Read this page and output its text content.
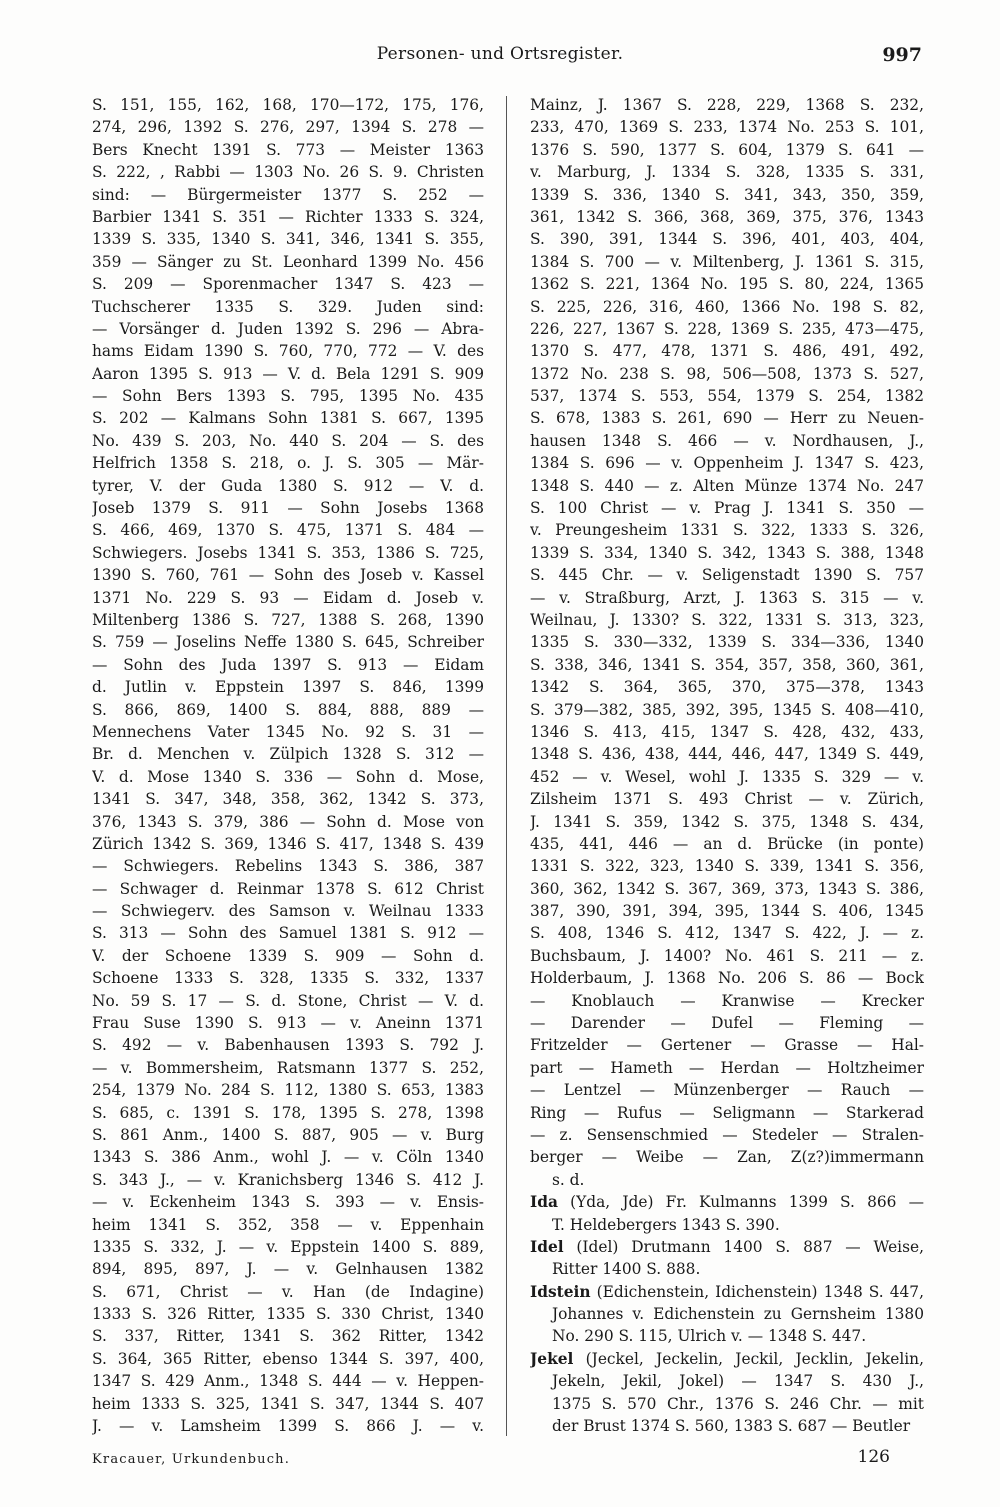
Personen- und Ortsregister.	997
S. 151, 155, 162, 168, 170—172, 175, 176,
274, 296, 1392 S. 276, 297, 1394 S. 278 —
Bers Knecht 1391 S. 773 — Meister 1363
S. 222, , Rabbi — 1303 No. 26 S. 9. Christen
sind: — Bürgermeister 1377 S. 252 —
Barbier 1341 S. 351 — Richter 1333 S. 324,
1339 S. 335, 1340 S. 341, 346, 1341 S. 355,
359 — Sänger zu St. Leonhard 1399 No. 456
S. 209 — Sporenmacher 1347 S. 423 —
Tuchscherer 1335 S. 329. Juden sind:
— Vorsänger d. Juden 1392 S. 296 — Abra-
hams Eidam 1390 S. 760, 770, 772 — V. des
Aaron 1395 S. 913 — V. d. Bela 1291 S. 909
— Sohn Bers 1393 S. 795, 1395 No. 435
S. 202 — Kalmans Sohn 1381 S. 667, 1395
No. 439 S. 203, No. 440 S. 204 — S. des
Helfrich 1358 S. 218, o. J. S. 305 — Mär-
tyrer, V. der Guda 1380 S. 912 — V. d.
Joseb 1379 S. 911 — Sohn Josebs 1368
S. 466, 469, 1370 S. 475, 1371 S. 484 —
Schwiegers. Josebs 1341 S. 353, 1386 S. 725,
1390 S. 760, 761 — Sohn des Joseb v. Kassel
1371 No. 229 S. 93 — Eidam d. Joseb v.
Miltenberg 1386 S. 727, 1388 S. 268, 1390
S. 759 — Joselins Neffe 1380 S. 645, Schreiber
— Sohn des Juda 1397 S. 913 — Eidam
d. Jutlin v. Eppstein 1397 S. 846, 1399
S. 866, 869, 1400 S. 884, 888, 889 —
Mennechens Vater 1345 No. 92 S. 31 —
Br. d. Menchen v. Zülpich 1328 S. 312 —
V. d. Mose 1340 S. 336 — Sohn d. Mose,
1341 S. 347, 348, 358, 362, 1342 S. 373,
376, 1343 S. 379, 386 — Sohn d. Mose von
Zürich 1342 S. 369, 1346 S. 417, 1348 S. 439
— Schwiegers. Rebelins 1343 S. 386, 387
— Schwager d. Reinmar 1378 S. 612 Christ
— Schwiegerv. des Samson v. Weilnau 1333
S. 313 — Sohn des Samuel 1381 S. 912 —
V. der Schoene 1339 S. 909 — Sohn d.
Schoene 1333 S. 328, 1335 S. 332, 1337
No. 59 S. 17 — S. d. Stone, Christ — V. d.
Frau Suse 1390 S. 913 — v. Aneinn 1371
S. 492 — v. Babenhausen 1393 S. 792 J.
— v. Bommersheim, Ratsmann 1377 S. 252,
254, 1379 No. 284 S. 112, 1380 S. 653, 1383
S. 685, c. 1391 S. 178, 1395 S. 278, 1398
S. 861 Anm., 1400 S. 887, 905 — v. Burg
1343 S. 386 Anm., wohl J. — v. Cöln 1340
S. 343 J., — v. Kranichsberg 1346 S. 412 J.
— v. Eckenheim 1343 S. 393 — v. Ensis-
heim 1341 S. 352, 358 — v. Eppenhain
1335 S. 332, J. — v. Eppstein 1400 S. 889,
894, 895, 897, J. — v. Gelnhausen 1382
S. 671, Christ — v. Han (de Indagine)
1333 S. 326 Ritter, 1335 S. 330 Christ, 1340
S. 337, Ritter, 1341 S. 362 Ritter, 1342
S. 364, 365 Ritter, ebenso 1344 S. 397, 400,
1347 S. 429 Anm., 1348 S. 444 — v. Heppen-
heim 1333 S. 325, 1341 S. 347, 1344 S. 407
J. — v. Lamsheim 1399 S. 866 J. — v.
Mainz, J. 1367 S. 228, 229, 1368 S. 232,
233, 470, 1369 S. 233, 1374 No. 253 S. 101,
1376 S. 590, 1377 S. 604, 1379 S. 641 —
v. Marburg, J. 1334 S. 328, 1335 S. 331,
1339 S. 336, 1340 S. 341, 343, 350, 359,
361, 1342 S. 366, 368, 369, 375, 376, 1343
S. 390, 391, 1344 S. 396, 401, 403, 404,
1384 S. 700 — v. Miltenberg, J. 1361 S. 315,
1362 S. 221, 1364 No. 195 S. 80, 224, 1365
S. 225, 226, 316, 460, 1366 No. 198 S. 82,
226, 227, 1367 S. 228, 1369 S. 235, 473—475,
1370 S. 477, 478, 1371 S. 486, 491, 492,
1372 No. 238 S. 98, 506—508, 1373 S. 527,
537, 1374 S. 553, 554, 1379 S. 254, 1382
S. 678, 1383 S. 261, 690 — Herr zu Neuen-
hausen 1348 S. 466 — v. Nordhausen, J.,
1384 S. 696 — v. Oppenheim J. 1347 S. 423,
1348 S. 440 — z. Alten Münze 1374 No. 247
S. 100 Christ — v. Prag J. 1341 S. 350 —
v. Preungesheim 1331 S. 322, 1333 S. 326,
1339 S. 334, 1340 S. 342, 1343 S. 388, 1348
S. 445 Chr. — v. Seligenstadt 1390 S. 757
— v. Straßburg, Arzt, J. 1363 S. 315 — v.
Weilnau, J. 1330? S. 322, 1331 S. 313, 323,
1335 S. 330—332, 1339 S. 334—336, 1340
S. 338, 346, 1341 S. 354, 357, 358, 360, 361,
1342 S. 364, 365, 370, 375—378, 1343
S. 379—382, 385, 392, 395, 1345 S. 408—410,
1346 S. 413, 415, 1347 S. 428, 432, 433,
1348 S. 436, 438, 444, 446, 447, 1349 S. 449,
452 — v. Wesel, wohl J. 1335 S. 329 — v.
Zilsheim 1371 S. 493 Christ — v. Zürich,
J. 1341 S. 359, 1342 S. 375, 1348 S. 434,
435, 441, 446 — an d. Brücke (in ponte)
1331 S. 322, 323, 1340 S. 339, 1341 S. 356,
360, 362, 1342 S. 367, 369, 373, 1343 S. 386,
387, 390, 391, 394, 395, 1344 S. 406, 1345
S. 408, 1346 S. 412, 1347 S. 422, J. — z.
Buchsbaum, J. 1400? No. 461 S. 211 — z.
Holderbaum, J. 1368 No. 206 S. 86 — Bock
— Knoblauch — Kranwise — Krecker
— Darender — Dufel — Fleming —
Fritzelder — Gertener — Grasse — Hal-
part — Hameth — Herdan — Holtzheimer
— Lentzel — Münzenberger — Rauch —
Ring — Rufus — Seligmann — Starkerad
— z. Sensenschmied — Stedeler — Stralen-
berger — Weibe — Zan, Z(z?)immermann
s. d.
Ida (Yda, Jde) Fr. Kulmanns 1399 S. 866 —
T. Heldebergers 1343 S. 390.
Idel (Idel) Drutmann 1400 S. 887 — Weise,
Ritter 1400 S. 888.
Idstein (Edichenstein, Idichenstein) 1348 S. 447,
Johannes v. Edichenstein zu Gernsheim 1380
No. 290 S. 115, Ulrich v. — 1348 S. 447.
Jekel (Jeckel, Jeckelin, Jeckil, Jecklin, Jekelin,
Jekeln, Jekil, Jokel) — 1347 S. 430 J.,
1375 S. 570 Chr., 1376 S. 246 Chr. — mit
der Brust 1374 S. 560, 1383 S. 687 — Beutler
Kracauer, Urkundenbuch.	126
